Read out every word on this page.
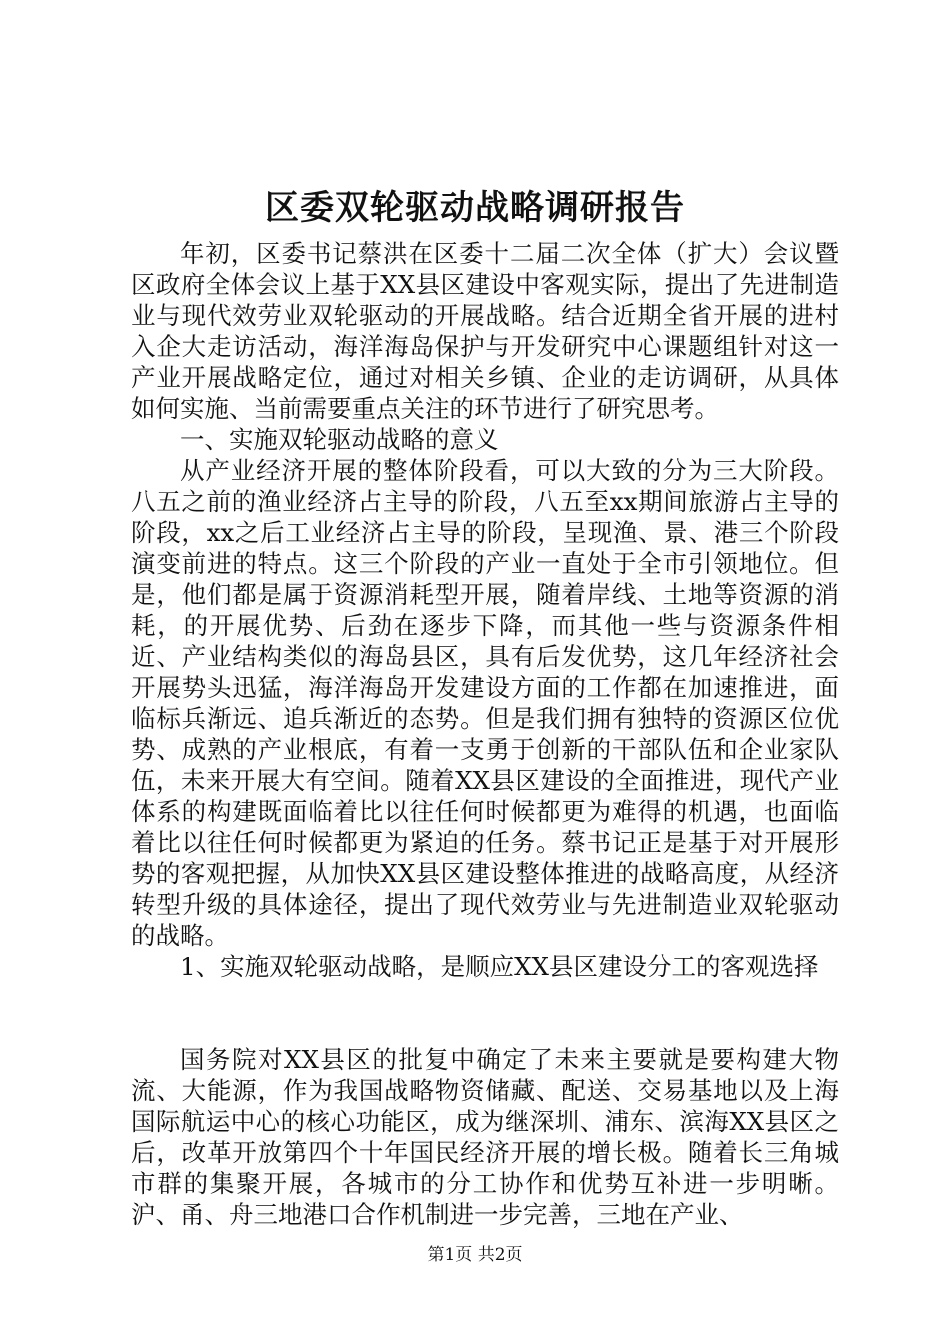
区委双轮驱动战略调研报告

年初，区委书记蔡洪在区委十二届二次全体（扩大）会议暨区政府全体会议上基于XX县区建设中客观实际，提出了先进制造业与现代效劳业双轮驱动的开展战略。结合近期全省开展的进村入企大走访活动，海洋海岛保护与开发研究中心课题组针对这一产业开展战略定位，通过对相关乡镇、企业的走访调研，从具体如何实施、当前需要重点关注的环节进行了研究思考。

一、实施双轮驱动战略的意义

从产业经济开展的整体阶段看，可以大致的分为三大阶段。八五之前的渔业经济占主导的阶段，八五至xx期间旅游占主导的阶段，xx之后工业经济占主导的阶段，呈现渔、景、港三个阶段演变前进的特点。这三个阶段的产业一直处于全市引领地位。但是，他们都是属于资源消耗型开展，随着岸线、土地等资源的消耗，的开展优势、后劲在逐步下降，而其他一些与资源条件相近、产业结构类似的海岛县区，具有后发优势，这几年经济社会开展势头迅猛，海洋海岛开发建设方面的工作都在加速推进，面临标兵渐远、追兵渐近的态势。但是我们拥有独特的资源区位优势、成熟的产业根底，有着一支勇于创新的干部队伍和企业家队伍，未来开展大有空间。随着XX县区建设的全面推进，现代产业体系的构建既面临着比以往任何时候都更为难得的机遇，也面临着比以往任何时候都更为紧迫的任务。蔡书记正是基于对开展形势的客观把握，从加快XX县区建设整体推进的战略高度，从经济转型升级的具体途径，提出了现代效劳业与先进制造业双轮驱动的战略。

1、实施双轮驱动战略，是顺应XX县区建设分工的客观选择

国务院对XX县区的批复中确定了未来主要就是要构建大物流、大能源，作为我国战略物资储藏、配送、交易基地以及上海国际航运中心的核心功能区，成为继深圳、浦东、滨海XX县区之后，改革开放第四个十年国民经济开展的增长极。随着长三角城市群的集聚开展，各城市的分工协作和优势互补进一步明晰。沪、甬、舟三地港口合作机制进一步完善，三地在产业、

第1页 共2页
